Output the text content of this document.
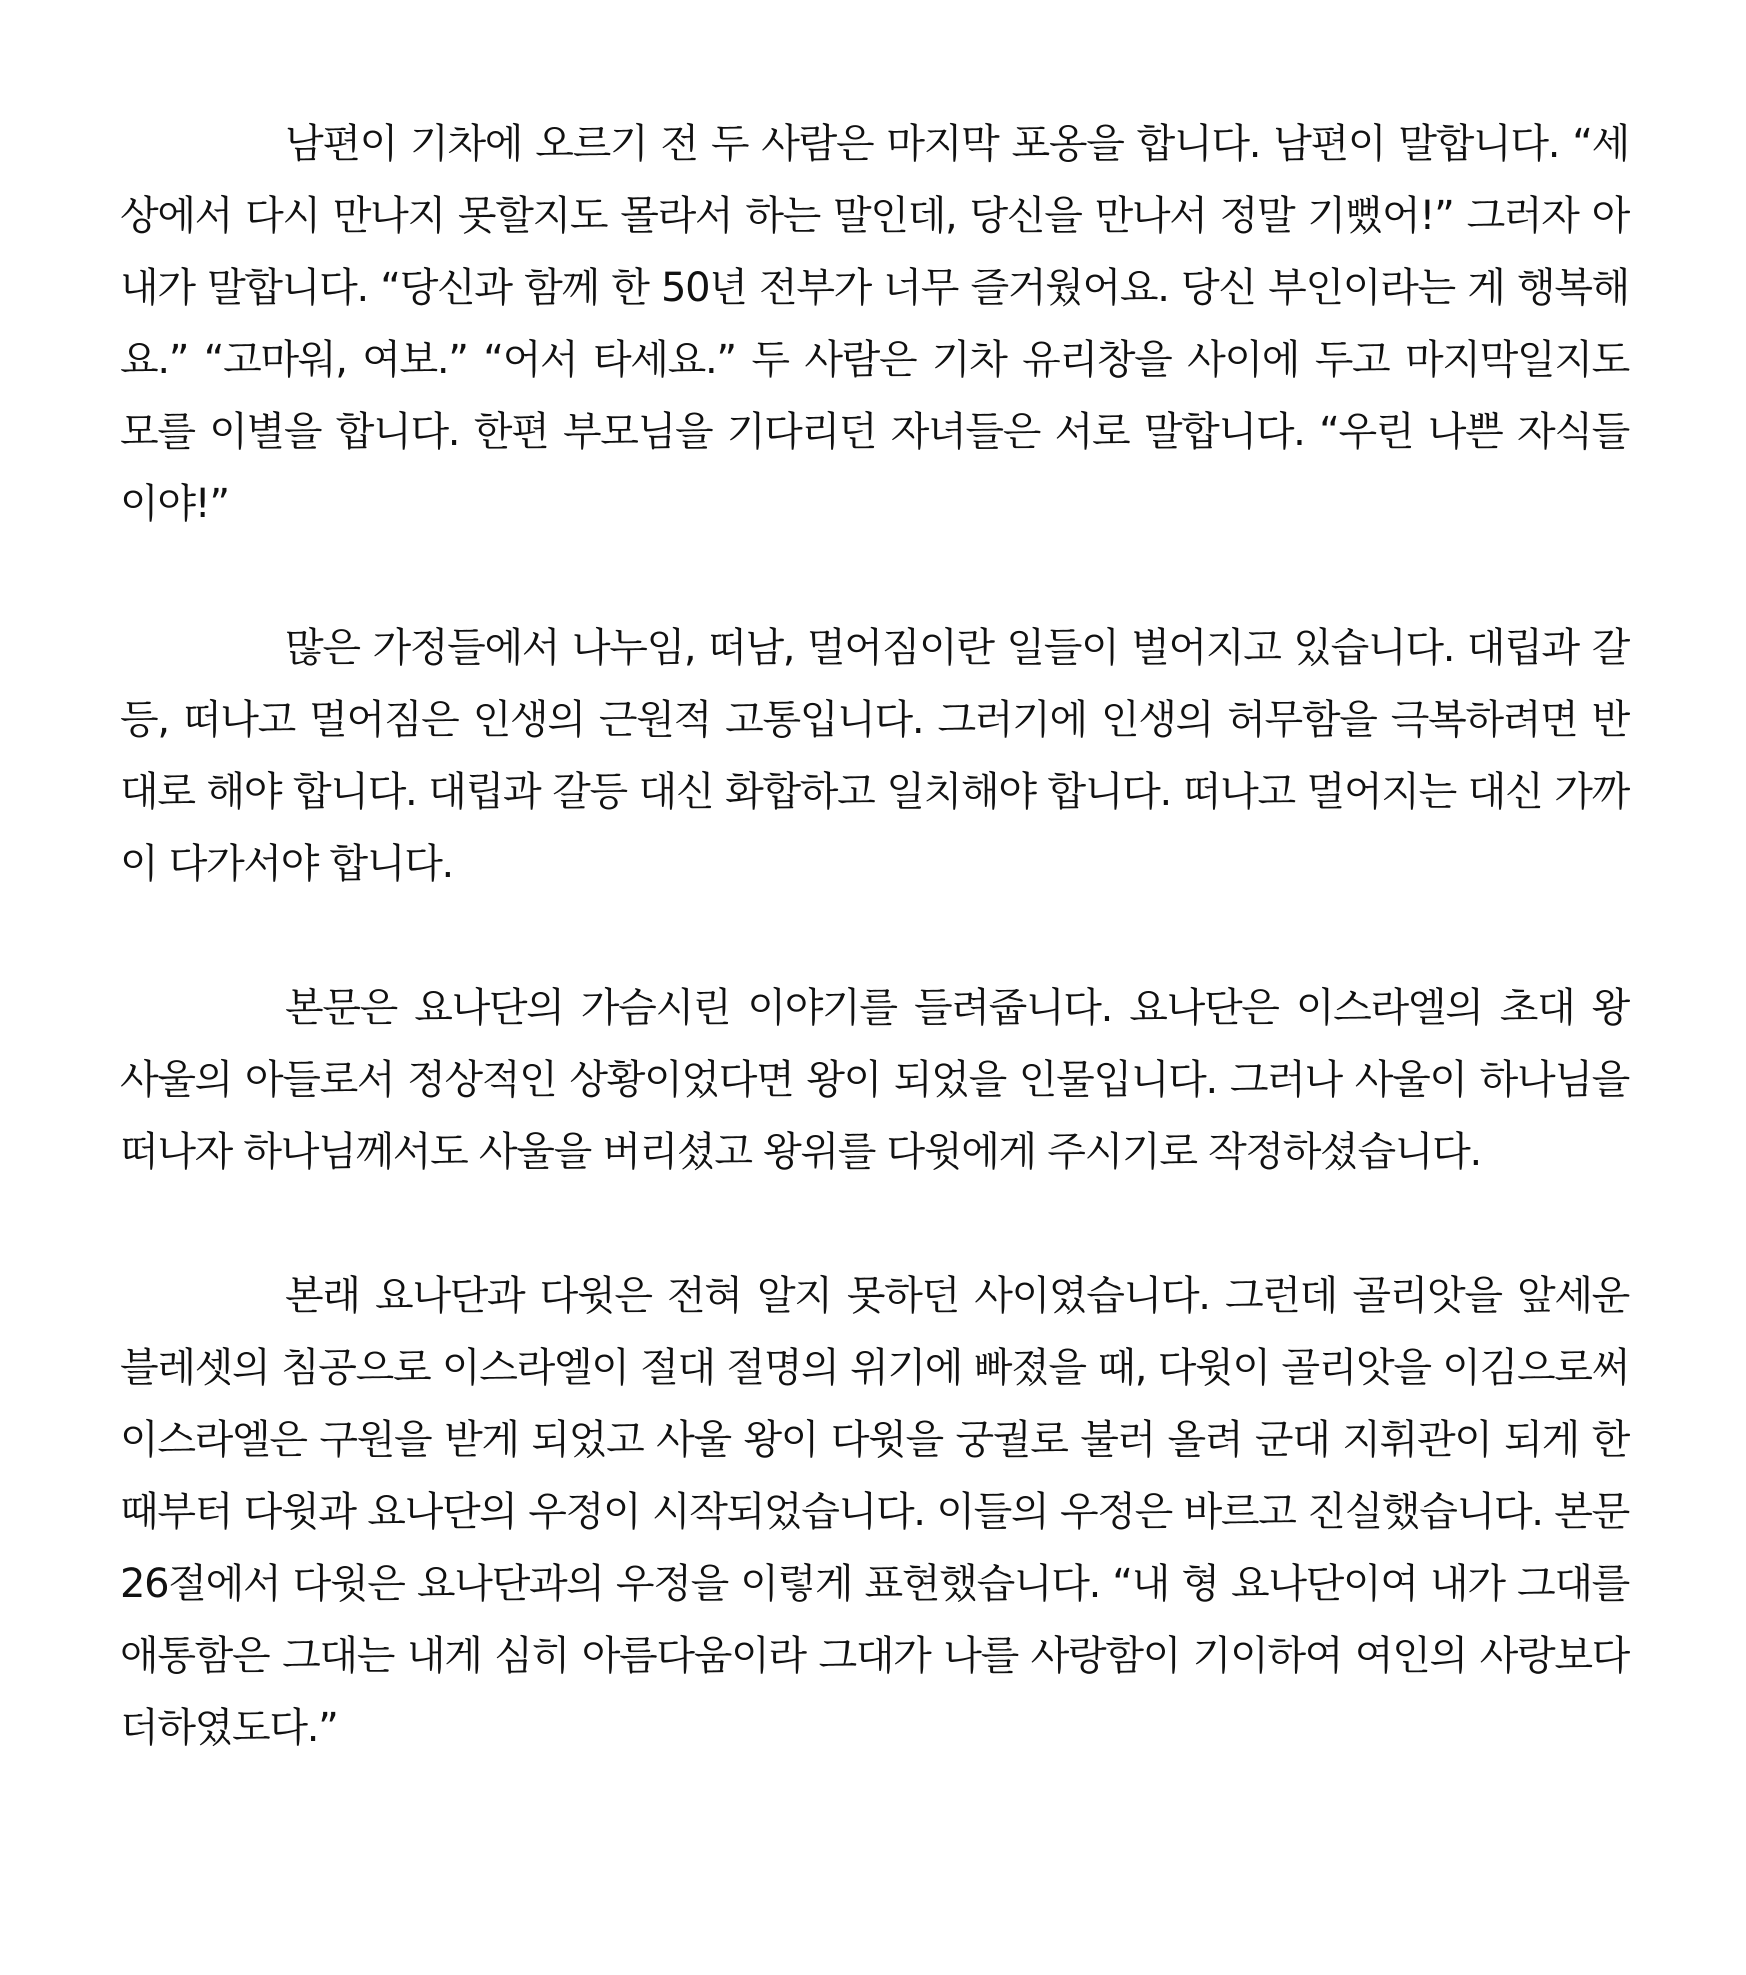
남편이 기차에 오르기 전 두 사람은 마지막 포옹을 합니다. 남편이 말합니다. “세상에서 다시 만나지 못할지도 몰라서 하는 말인데, 당신을 만나서 정말 기뻤어!” 그러자 아내가 말합니다. “당신과 함께 한 50년 전부가 너무 즐거웠어요. 당신 부인이라는 게 행복해요.” “고마워, 여보.” “어서 타세요.” 두 사람은 기차 유리창을 사이에 두고 마지막일지도 모를 이별을 합니다. 한편 부모님을 기다리던 자녀들은 서로 말합니다. “우린 나쁜 자식들이야!”

많은 가정들에서 나누임, 떠남, 멀어짐이란 일들이 벌어지고 있습니다. 대립과 갈등, 떠나고 멀어짐은 인생의 근원적 고통입니다. 그러기에 인생의 허무함을 극복하려면 반대로 해야 합니다. 대립과 갈등 대신 화합하고 일치해야 합니다. 떠나고 멀어지는 대신 가까이 다가서야 합니다.

본문은 요나단의 가슴시린 이야기를 들려줍니다. 요나단은 이스라엘의 초대 왕 사울의 아들로서 정상적인 상황이었다면 왕이 되었을 인물입니다. 그러나 사울이 하나님을 떠나자 하나님께서도 사울을 버리셨고 왕위를 다윗에게 주시기로 작정하셨습니다.

본래 요나단과 다윗은 전혀 알지 못하던 사이였습니다. 그런데 골리앗을 앞세운 블레셋의 침공으로 이스라엘이 절대 절명의 위기에 빠졌을 때, 다윗이 골리앗을 이김으로써 이스라엘은 구원을 받게 되었고 사울 왕이 다윗을 궁궐로 불러 올려 군대 지휘관이 되게 한 때부터 다윗과 요나단의 우정이 시작되었습니다. 이들의 우정은 바르고 진실했습니다. 본문 26절에서 다윗은 요나단과의 우정을 이렇게 표현했습니다. “내 형 요나단이여 내가 그대를 애통함은 그대는 내게 심히 아름다움이라 그대가 나를 사랑함이 기이하여 여인의 사랑보다 더하였도다.”
